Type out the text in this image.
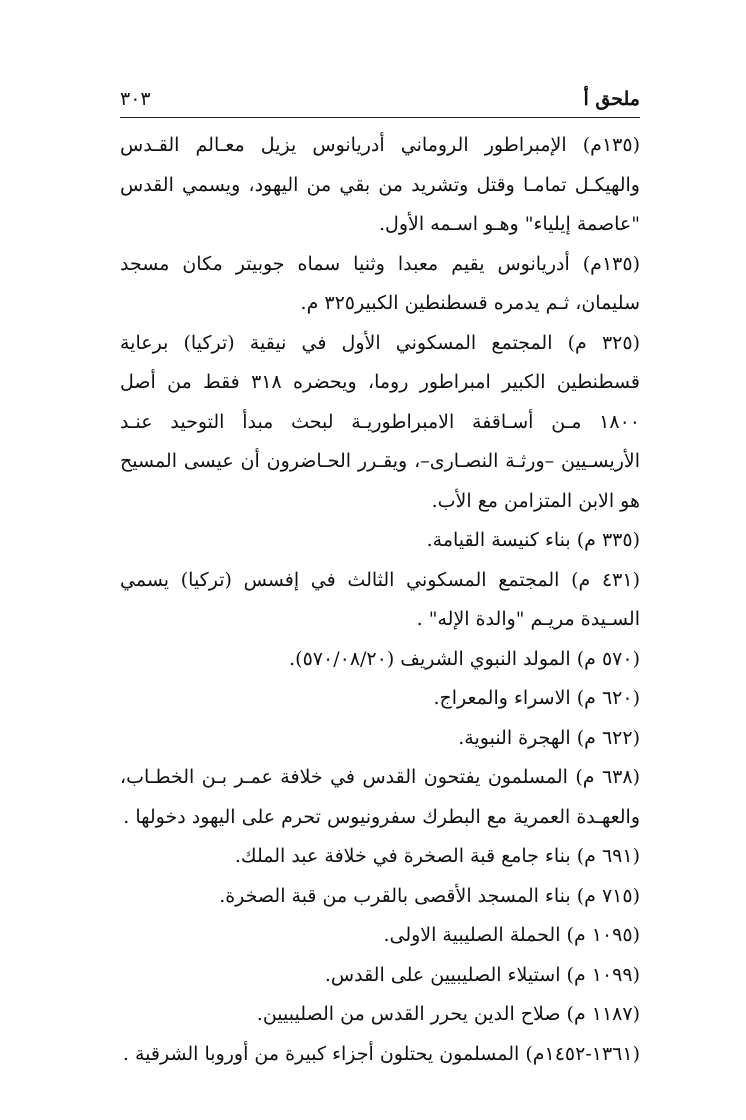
ملحق أ
٣٠٣

(١٣٥م) الإمبراطور الروماني أدريانوس يزيل معـالم القـدس والهيكـل تمامـا وقتل وتشريد من بقي من اليهود، ويسمي القدس "عاصمة إيلياء" وهـو اسـمه الأول.

(١٣٥م) أدريانوس يقيم معبدا وثنيا سماه جوبيتر مكان مسجد سليمان، ثـم يدمره قسطنطين الكبير٣٢٥ م.

(٣٢٥ م) المجتمع المسكوني الأول في نيقية (تركيا) برعاية قسطنطين الكبير امبراطور روما، ويحضره ٣١٨ فقط من أصل ١٨٠٠ مـن أسـاقفة الامبراطوريـة لبحث مبدأ التوحيد عنـد الأريسـيين –ورثـة النصـارى–، ويقـرر الحـاضرون أن عيسى المسيح هو الابن المتزامن مع الأب.

(٣٣٥ م) بناء كنيسة القيامة.

(٤٣١ م) المجتمع المسكوني الثالث في إفسس (تركيا) يسمي السـيدة مريـم "والدة الإله" .

(٥٧٠ م) المولد النبوي الشريف (٥٧٠/٠٨/٢٠).

(٦٢٠ م) الاسراء والمعراج.

(٦٢٢ م) الهجرة النبوية.

(٦٣٨ م) المسلمون يفتحون القدس في خلافة عمـر بـن الخطـاب، والعهـدة العمرية مع البطرك سفرونيوس تحرم على اليهود دخولها .

(٦٩١ م) بناء جامع قبة الصخرة في خلافة عبد الملك.

(٧١٥ م) بناء المسجد الأقصى بالقرب من قبة الصخرة.

(١٠٩٥ م) الحملة الصليبية الاولى.

(١٠٩٩ م) استيلاء الصليبيين على القدس.

(١١٨٧ م) صلاح الدين يحرر القدس من الصليبيين.

(١٣٦١-١٤٥٢م) المسلمون يحتلون أجزاء كبيرة من أوروبا الشرقية .
